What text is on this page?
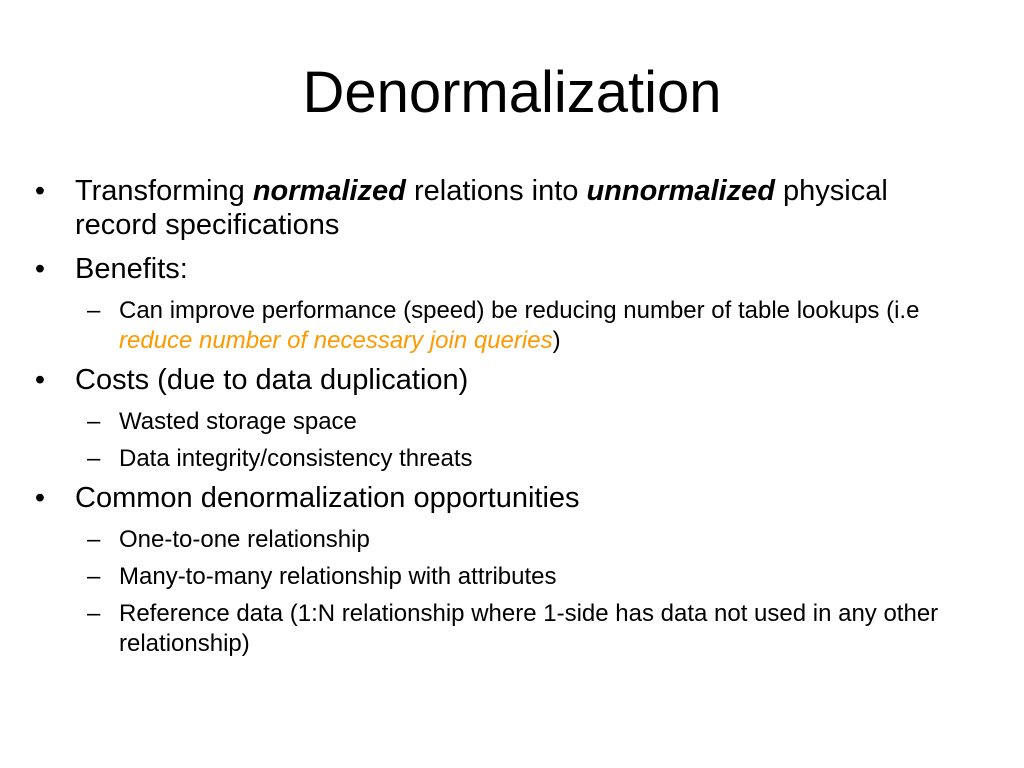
Denormalization
• Transforming normalized relations into unnormalized physical record specifications
• Benefits:
– Can improve performance (speed) be reducing number of table lookups (i.e reduce number of necessary join queries)
• Costs (due to data duplication)
– Wasted storage space
– Data integrity/consistency threats
• Common denormalization opportunities
– One-to-one relationship
– Many-to-many relationship with attributes
– Reference data (1:N relationship where 1-side has data not used in any other relationship)
